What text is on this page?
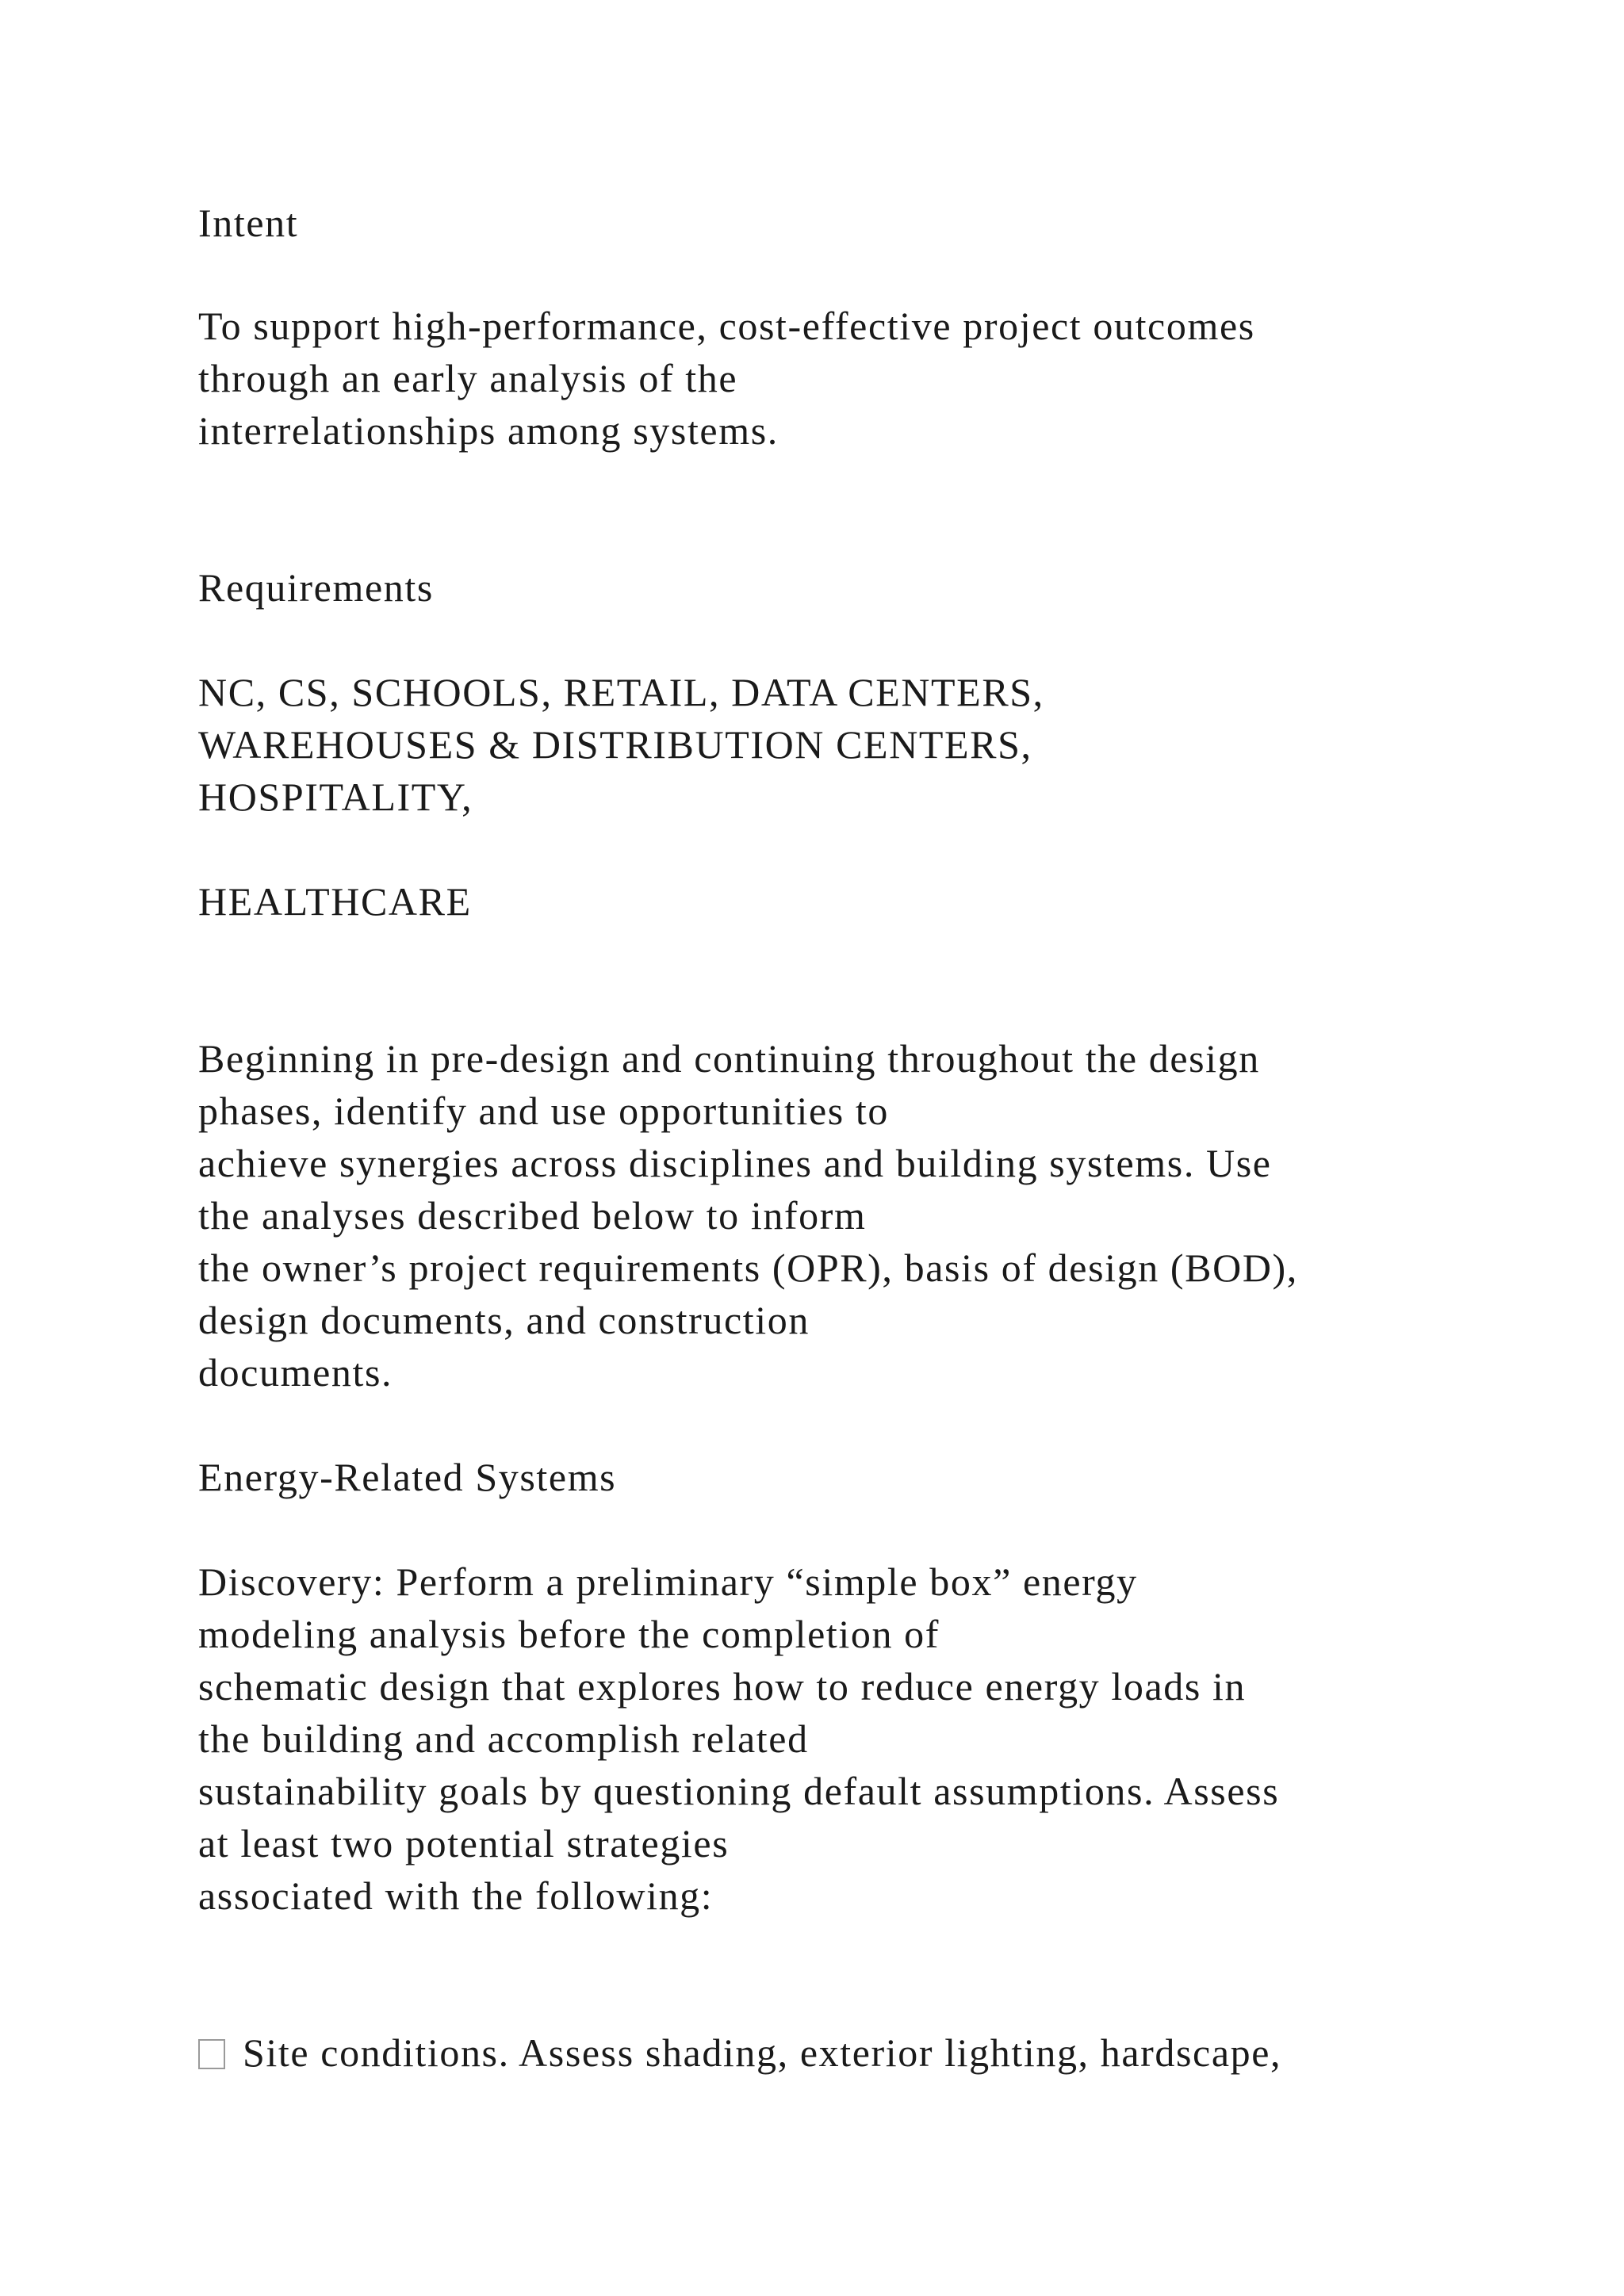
Intent

To support high-performance, cost-effective project outcomes

through an early analysis of the

interrelationships among systems.

Requirements

NC, CS, SCHOOLS, RETAIL, DATA CENTERS,

WAREHOUSES & DISTRIBUTION CENTERS,

HOSPITALITY,

HEALTHCARE

Beginning in pre-design and continuing throughout the design

phases, identify and use opportunities to

achieve synergies across disciplines and building systems. Use

the analyses described below to inform

the owner’s project requirements (OPR), basis of design (BOD),

design documents, and construction

documents.

Energy-Related Systems

Discovery: Perform a preliminary “simple box” energy

modeling analysis before the completion of

schematic design that explores how to reduce energy loads in

the building and accomplish related

sustainability goals by questioning default assumptions. Assess

at least two potential strategies

associated with the following:

Site conditions. Assess shading, exterior lighting, hardscape,
